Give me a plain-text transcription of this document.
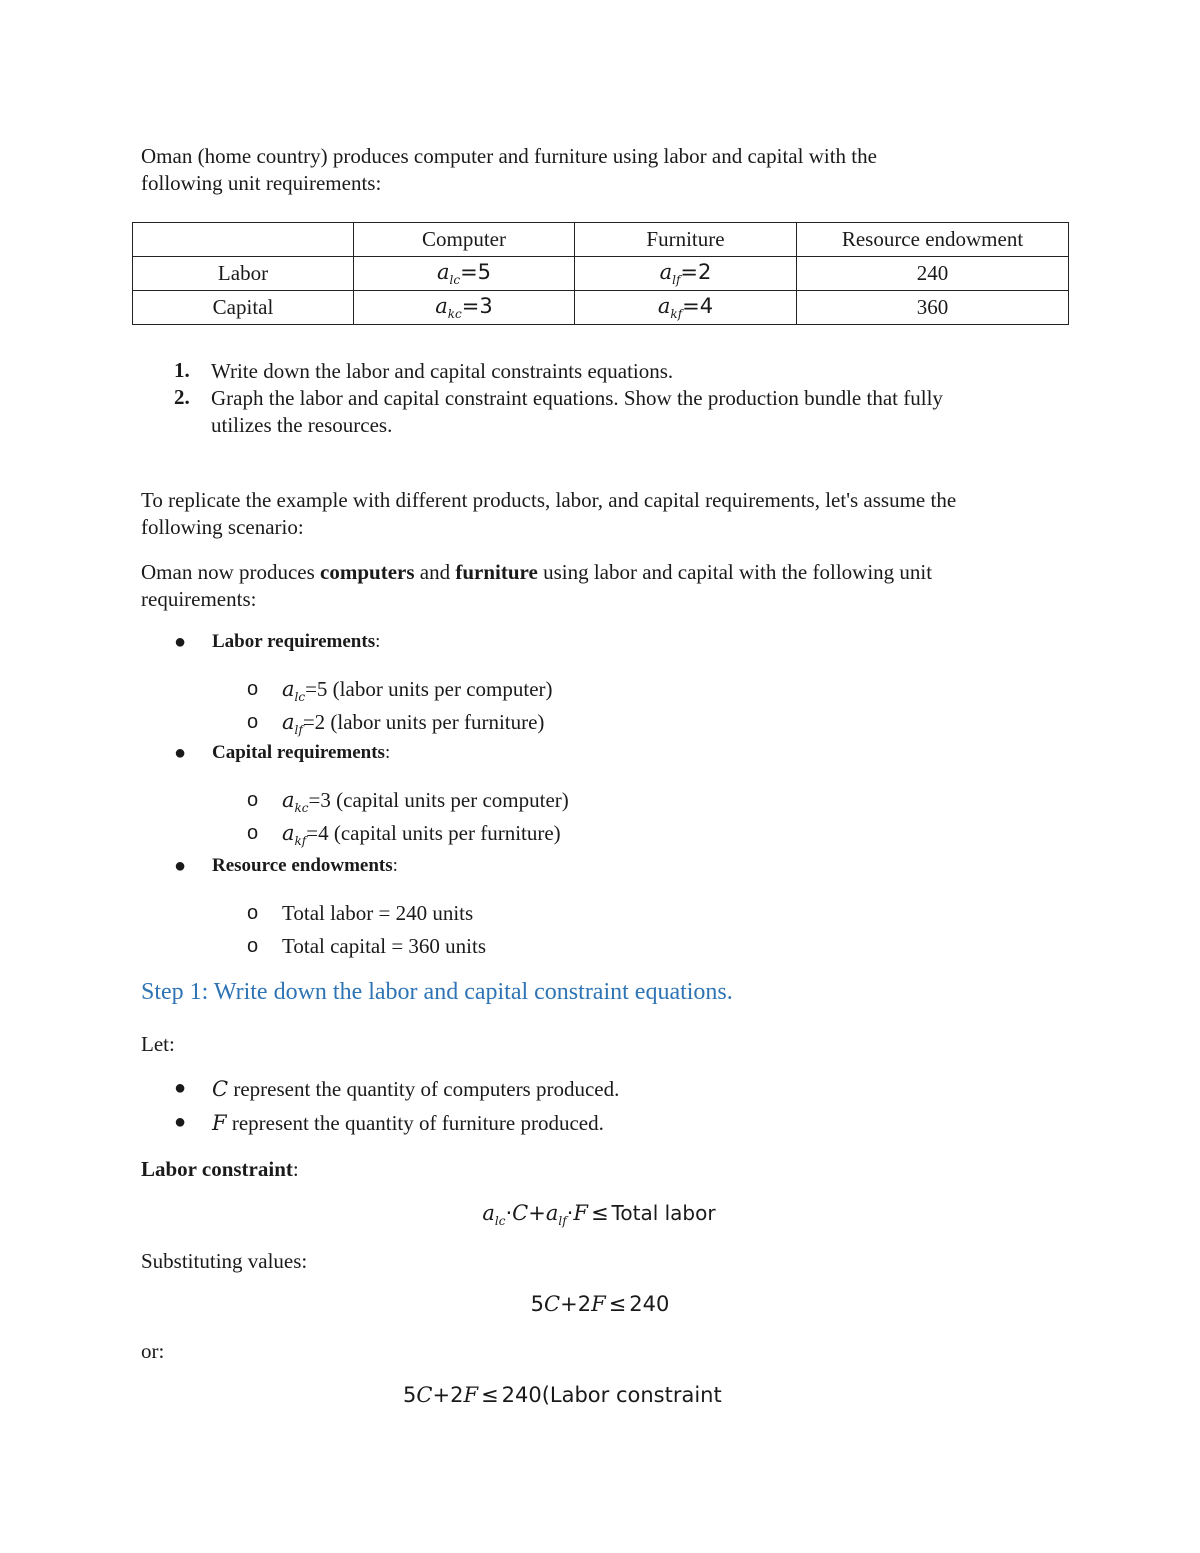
Oman (home country) produces computer and furniture using labor and capital with the
following unit requirements:
	Computer	Furniture	Resource endowment
Labor	$a_{lc}=5$	$a_{lf}=2$	240
Capital	$a_{kc}=3$	$a_{kf}=4$	360
1. Write down the labor and capital constraints equations.
2. Graph the labor and capital constraint equations. Show the production bundle that fully
utilizes the resources.
To replicate the example with different products, labor, and capital requirements, let's assume the
following scenario:
Oman now produces computers and furniture using labor and capital with the following unit
requirements:
● Labor requirements:
o $a_{lc}=5$ (labor units per computer)
o $a_{lf}=2$ (labor units per furniture)
● Capital requirements:
o $a_{kc}=3$ (capital units per computer)
o $a_{kf}=4$ (capital units per furniture)
● Resource endowments:
o Total labor = 240 units
o Total capital = 360 units
Step 1: Write down the labor and capital constraint equations.
Let:
● C represent the quantity of computers produced.
● F represent the quantity of furniture produced.
Labor constraint:
$a_{lc}\cdot C+a_{lf}\cdot F$ ≤ Total labor
Substituting values:
5C+2F ≤ 240
or:
5C+2F ≤ 240(Labor constraint
